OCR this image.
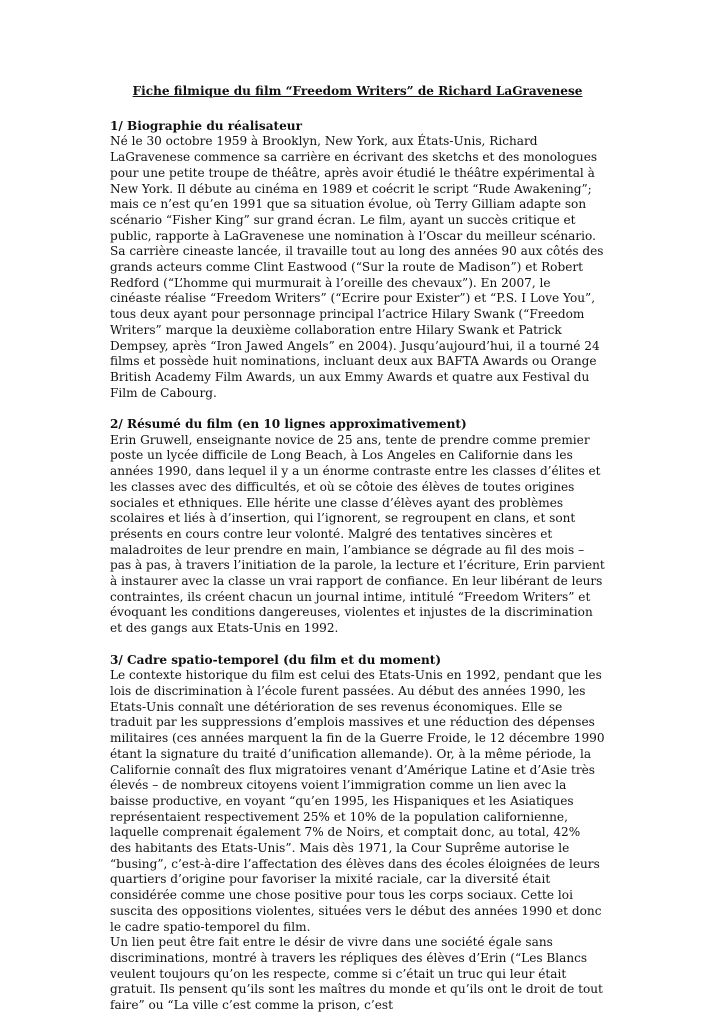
Fiche filmique du film “Freedom Writers” de Richard LaGravenese

1/ Biographie du réalisateur

Né le 30 octobre 1959 à Brooklyn, New York, aux États-Unis, Richard LaGravenese commence sa carrière en écrivant des sketchs et des monologues pour une petite troupe de théâtre, après avoir étudié le théâtre expérimental à New York. Il débute au cinéma en 1989 et coécrit le script “Rude Awakening”; mais ce n’est qu’en 1991 que sa situation évolue, où Terry Gilliam adapte son scénario “Fisher King” sur grand écran. Le film, ayant un succès critique et public, rapporte à LaGravenese une nomination à l’Oscar du meilleur scénario. Sa carrière cineaste lancée, il travaille tout au long des années 90 aux côtés des grands acteurs comme Clint Eastwood (“Sur la route de Madison”) et Robert Redford (“L’homme qui murmurait à l’oreille des chevaux”). En 2007, le cinéaste réalise “Freedom Writers” (“Ecrire pour Exister”) et “P.S. I Love You”, tous deux ayant pour personnage principal l’actrice Hilary Swank (“Freedom Writers” marque la deuxième collaboration entre Hilary Swank et Patrick Dempsey, après “Iron Jawed Angels” en 2004). Jusqu’aujourd’hui, il a tourné 24 films et possède huit nominations, incluant deux aux BAFTA Awards ou Orange British Academy Film Awards, un aux Emmy Awards et quatre aux Festival du Film de Cabourg.

2/ Résumé du film (en 10 lignes approximativement)

Erin Gruwell, enseignante novice de 25 ans, tente de prendre comme premier poste un lycée difficile de Long Beach, à Los Angeles en Californie dans les années 1990, dans lequel il y a un énorme contraste entre les classes d’élites et les classes avec des difficultés, et où se côtoie des élèves de toutes origines sociales et ethniques. Elle hérite une classe d’élèves ayant des problèmes scolaires et liés à d’insertion, qui l’ignorent, se regroupent en clans, et sont présents en cours contre leur volonté. Malgré des tentatives sincères et maladroites de leur prendre en main, l’ambiance se dégrade au fil des mois – pas à pas, à travers l’initiation de la parole, la lecture et l’écriture, Erin parvient à instaurer avec la classe un vrai rapport de confiance. En leur libérant de leurs contraintes, ils créent chacun un journal intime, intitulé “Freedom Writers” et évoquant les conditions dangereuses, violentes et injustes de la discrimination et des gangs aux Etats-Unis en 1992.

3/ Cadre spatio-temporel (du film et du moment)

Le contexte historique du film est celui des Etats-Unis en 1992, pendant que les lois de discrimination à l’école furent passées. Au début des années 1990, les Etats-Unis connaît une détérioration de ses revenus économiques. Elle se traduit par les suppressions d’emplois massives et une réduction des dépenses militaires (ces années marquent la fin de la Guerre Froide, le 12 décembre 1990 étant la signature du traité d’unification allemande). Or, à la même période, la Californie connaît des flux migratoires venant d’Amérique Latine et d’Asie très élevés – de nombreux citoyens voient l’immigration comme un lien avec la baisse productive, en voyant “qu’en 1995, les Hispaniques et les Asiatiques représentaient respectivement 25% et 10% de la population californienne, laquelle comprenait également 7% de Noirs, et comptait donc, au total, 42% des habitants des Etats-Unis”. Mais dès 1971, la Cour Suprême autorise le “busing”, c’est-à-dire l’affectation des élèves dans des écoles éloignées de leurs quartiers d’origine pour favoriser la mixité raciale, car la diversité était considérée comme une chose positive pour tous les corps sociaux. Cette loi suscita des oppositions violentes, situées vers le début des années 1990 et donc le cadre spatio-temporel du film.

Un lien peut être fait entre le désir de vivre dans une société égale sans discriminations, montré à travers les répliques des élèves d’Erin (“Les Blancs veulent toujours qu’on les respecte, comme si c’était un truc qui leur était gratuit. Ils pensent qu’ils sont les maîtres du monde et qu’ils ont le droit de tout faire” ou “La ville c’est comme la prison, c’est
